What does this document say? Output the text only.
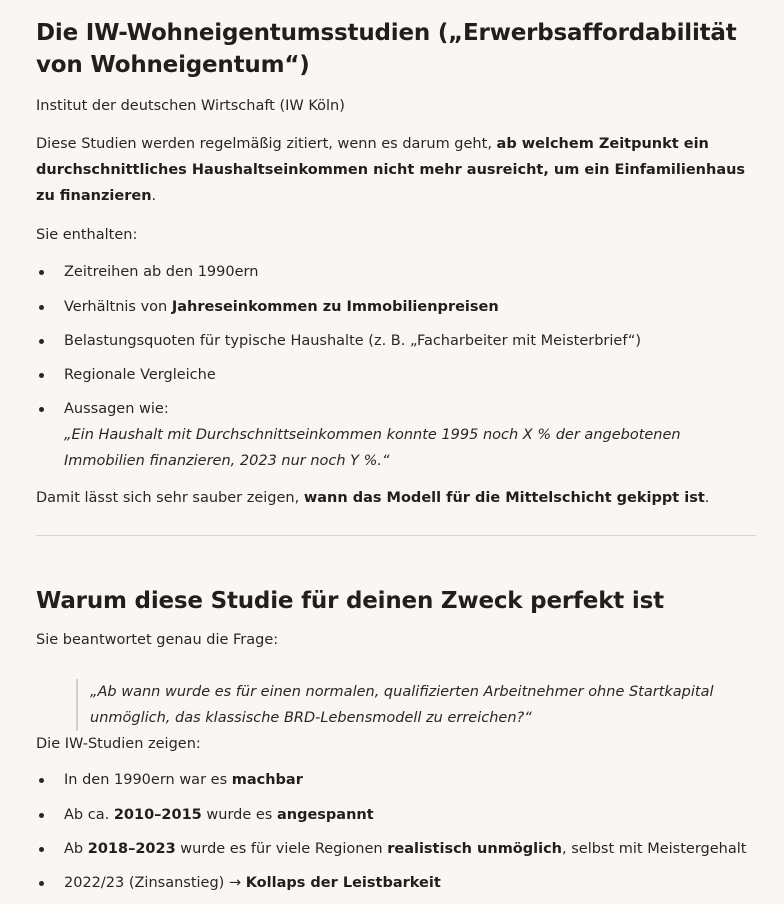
Die IW-Wohneigentumsstudien („Erwerbsaffordabilität von Wohneigentum“)

Institut der deutschen Wirtschaft (IW Köln)

Diese Studien werden regelmäßig zitiert, wenn es darum geht, ab welchem Zeitpunkt ein durchschnittliches Haushaltseinkommen nicht mehr ausreicht, um ein Einfamilienhaus zu finanzieren.

Sie enthalten:

Zeitreihen ab den 1990ern
Verhältnis von Jahreseinkommen zu Immobilienpreisen
Belastungsquoten für typische Haushalte (z. B. „Facharbeiter mit Meisterbrief“)
Regionale Vergleiche
Aussagen wie:
„Ein Haushalt mit Durchschnittseinkommen konnte 1995 noch X % der angebotenen Immobilien finanzieren, 2023 nur noch Y %.“

Damit lässt sich sehr sauber zeigen, wann das Modell für die Mittelschicht gekippt ist.

Warum diese Studie für deinen Zweck perfekt ist

Sie beantwortet genau die Frage:

„Ab wann wurde es für einen normalen, qualifizierten Arbeitnehmer ohne Startkapital unmöglich, das klassische BRD-Lebensmodell zu erreichen?“

Die IW-Studien zeigen:

In den 1990ern war es machbar
Ab ca. 2010–2015 wurde es angespannt
Ab 2018–2023 wurde es für viele Regionen realistisch unmöglich, selbst mit Meistergehalt
2022/23 (Zinsanstieg) → Kollaps der Leistbarkeit
